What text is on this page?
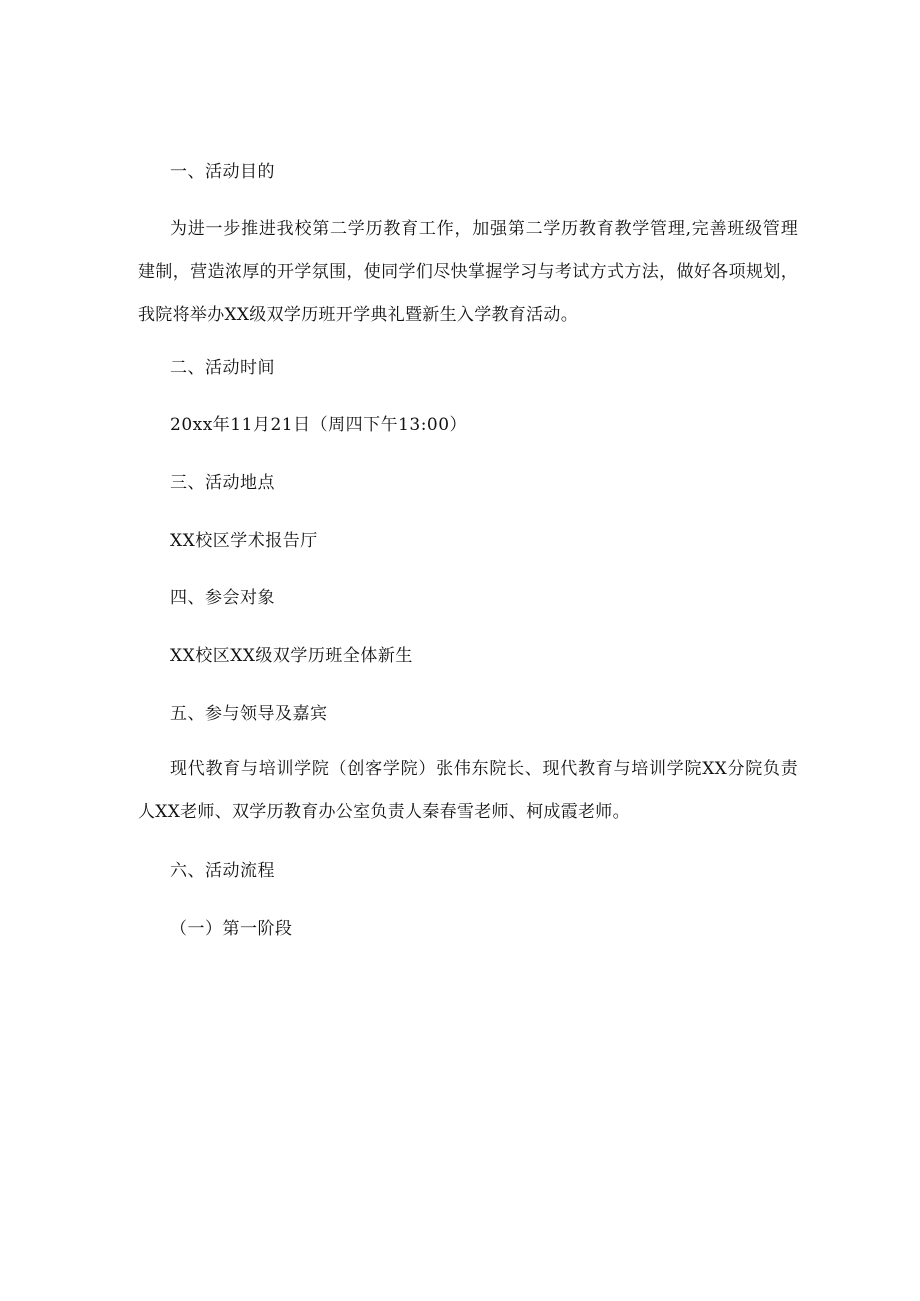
一、活动目的
为进一步推进我校第二学历教育工作，加强第二学历教育教学管理,完善班级管理建制，营造浓厚的开学氛围，使同学们尽快掌握学习与考试方式方法，做好各项规划，我院将举办XX级双学历班开学典礼暨新生入学教育活动。
二、活动时间
20xx年11月21日（周四下午13:00）
三、活动地点
XX校区学术报告厅
四、参会对象
XX校区XX级双学历班全体新生
五、参与领导及嘉宾
现代教育与培训学院（创客学院）张伟东院长、现代教育与培训学院XX分院负责人XX老师、双学历教育办公室负责人秦春雪老师、柯成霞老师。
六、活动流程
（一）第一阶段
